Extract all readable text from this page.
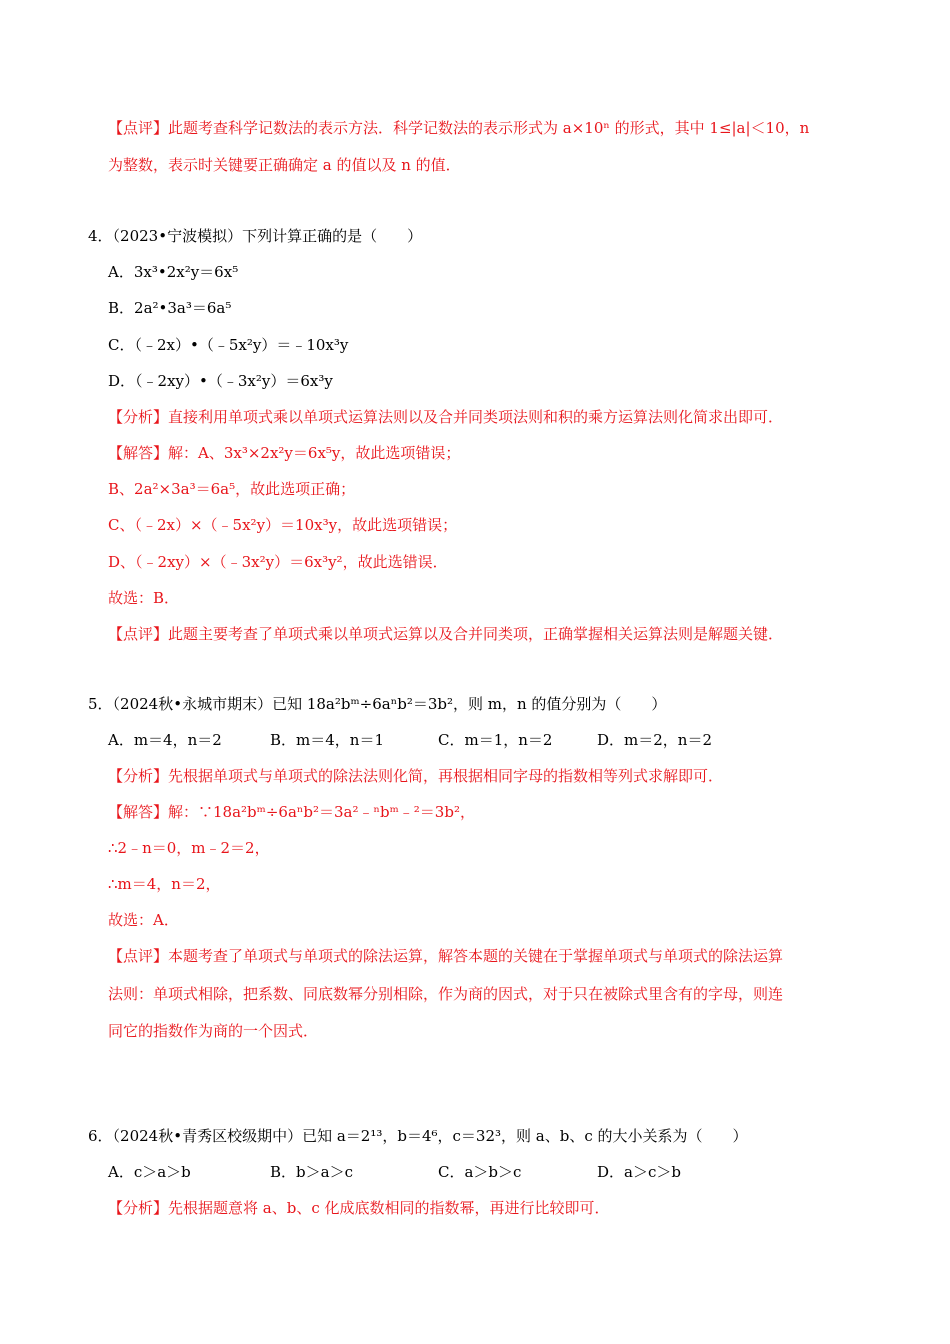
【点评】此题考查科学记数法的表示方法．科学记数法的表示形式为 a×10ⁿ 的形式，其中 1≤|a|＜10，n
为整数，表示时关键要正确确定 a 的值以及 n 的值．
4．（2023•宁波模拟）下列计算正确的是（　　）
A．3x³•2x²y＝6x⁵
B．2a²•3a³＝6a⁵
C．（﹣2x）•（﹣5x²y）＝﹣10x³y
D．（﹣2xy）•（﹣3x²y）＝6x³y
【分析】直接利用单项式乘以单项式运算法则以及合并同类项法则和积的乘方运算法则化简求出即可．
【解答】解：A、3x³×2x²y＝6x⁵y，故此选项错误；
B、2a²×3a³＝6a⁵，故此选项正确；
C、（﹣2x）×（﹣5x²y）＝10x³y，故此选项错误；
D、（﹣2xy）×（﹣3x²y）＝6x³y²，故此选错误．
故选：B．
【点评】此题主要考查了单项式乘以单项式运算以及合并同类项，正确掌握相关运算法则是解题关键．
5．（2024秋•永城市期末）已知 18a²bᵐ÷6aⁿb²＝3b²，则 m，n 的值分别为（　　）
A．m＝4，n＝2	B．m＝4，n＝1	C．m＝1，n＝2	D．m＝2，n＝2
【分析】先根据单项式与单项式的除法法则化简，再根据相同字母的指数相等列式求解即可．
【解答】解：∵18a²bᵐ÷6aⁿb²＝3a²﹣ⁿbᵐ﹣²＝3b²，
∴2﹣n＝0，m﹣2＝2，
∴m＝4，n＝2，
故选：A．
【点评】本题考查了单项式与单项式的除法运算，解答本题的关键在于掌握单项式与单项式的除法运算
法则：单项式相除，把系数、同底数幂分别相除，作为商的因式，对于只在被除式里含有的字母，则连
同它的指数作为商的一个因式．
6．（2024秋•青秀区校级期中）已知 a＝2¹³，b＝4⁶，c＝32³，则 a、b、c 的大小关系为（　　）
A．c＞a＞b	B．b＞a＞c	C．a＞b＞c	D．a＞c＞b
【分析】先根据题意将 a、b、c 化成底数相同的指数幂，再进行比较即可．
